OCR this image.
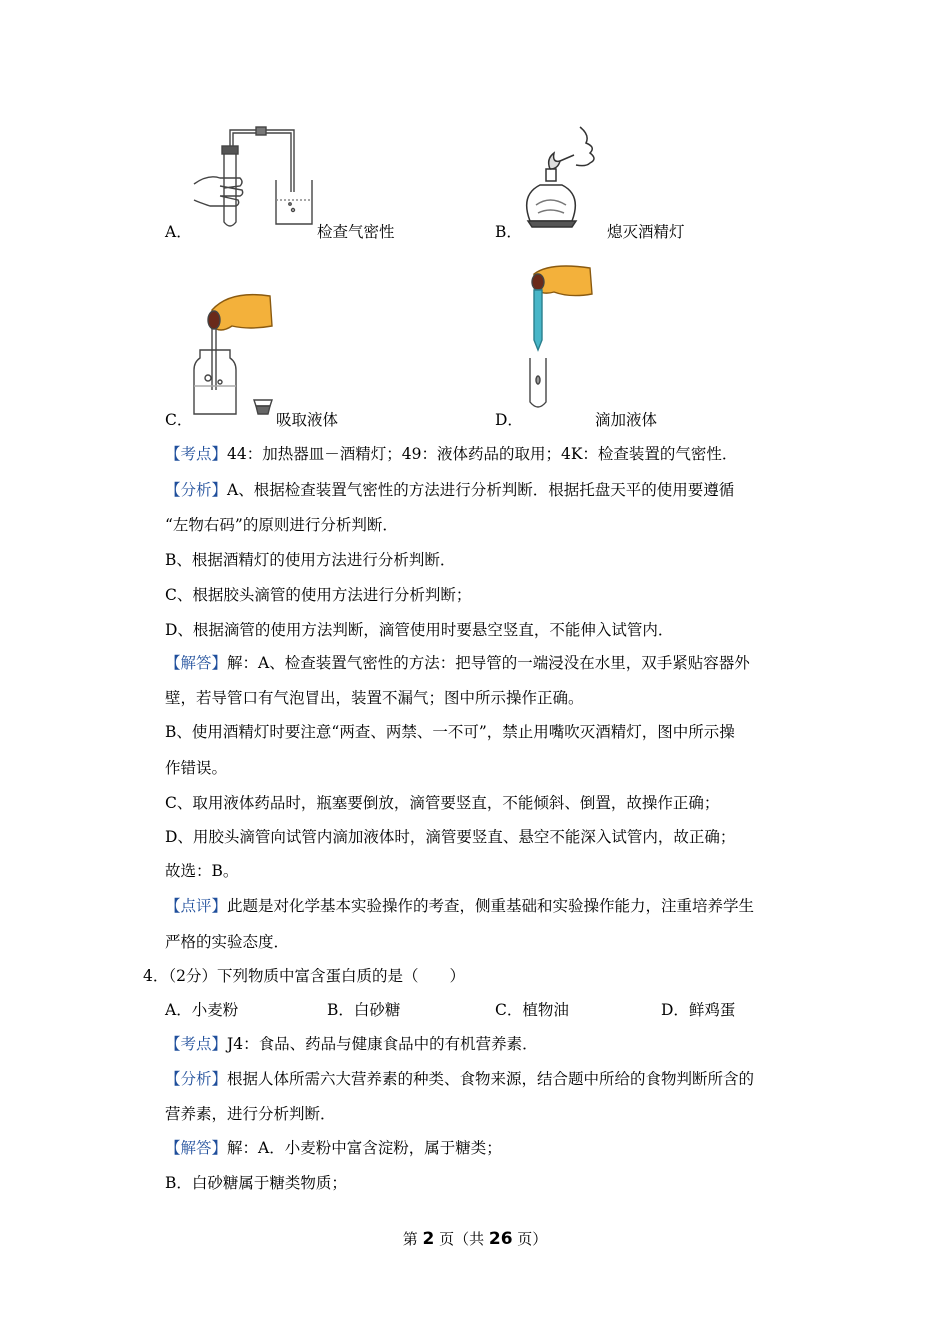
A．	检查气密性	B．	熄灭酒精灯
C．	吸取液体	D．	滴加液体
【考点】44：加热器皿－酒精灯；49：液体药品的取用；4K：检查装置的气密性．
【分析】A、根据检查装置气密性的方法进行分析判断．根据托盘天平的使用要遵循
“左物右码”的原则进行分析判断．
B、根据酒精灯的使用方法进行分析判断．
C、根据胶头滴管的使用方法进行分析判断；
D、根据滴管的使用方法判断，滴管使用时要悬空竖直，不能伸入试管内．
【解答】解：A、检查装置气密性的方法：把导管的一端浸没在水里，双手紧贴容器外
壁，若导管口有气泡冒出，装置不漏气；图中所示操作正确。
B、使用酒精灯时要注意“两查、两禁、一不可”，禁止用嘴吹灭酒精灯，图中所示操
作错误。
C、取用液体药品时，瓶塞要倒放，滴管要竖直，不能倾斜、倒置，故操作正确；
D、用胶头滴管向试管内滴加液体时，滴管要竖直、悬空不能深入试管内，故正确；
故选：B。
【点评】此题是对化学基本实验操作的考查，侧重基础和实验操作能力，注重培养学生
严格的实验态度．
4．（2分）下列物质中富含蛋白质的是（　　）
A．小麦粉	B．白砂糖	C．植物油	D．鲜鸡蛋
【考点】J4：食品、药品与健康食品中的有机营养素．
【分析】根据人体所需六大营养素的种类、食物来源，结合题中所给的食物判断所含的
营养素，进行分析判断．
【解答】解：A．小麦粉中富含淀粉，属于糖类；
B．白砂糖属于糖类物质；
第 2 页（共 26 页）
